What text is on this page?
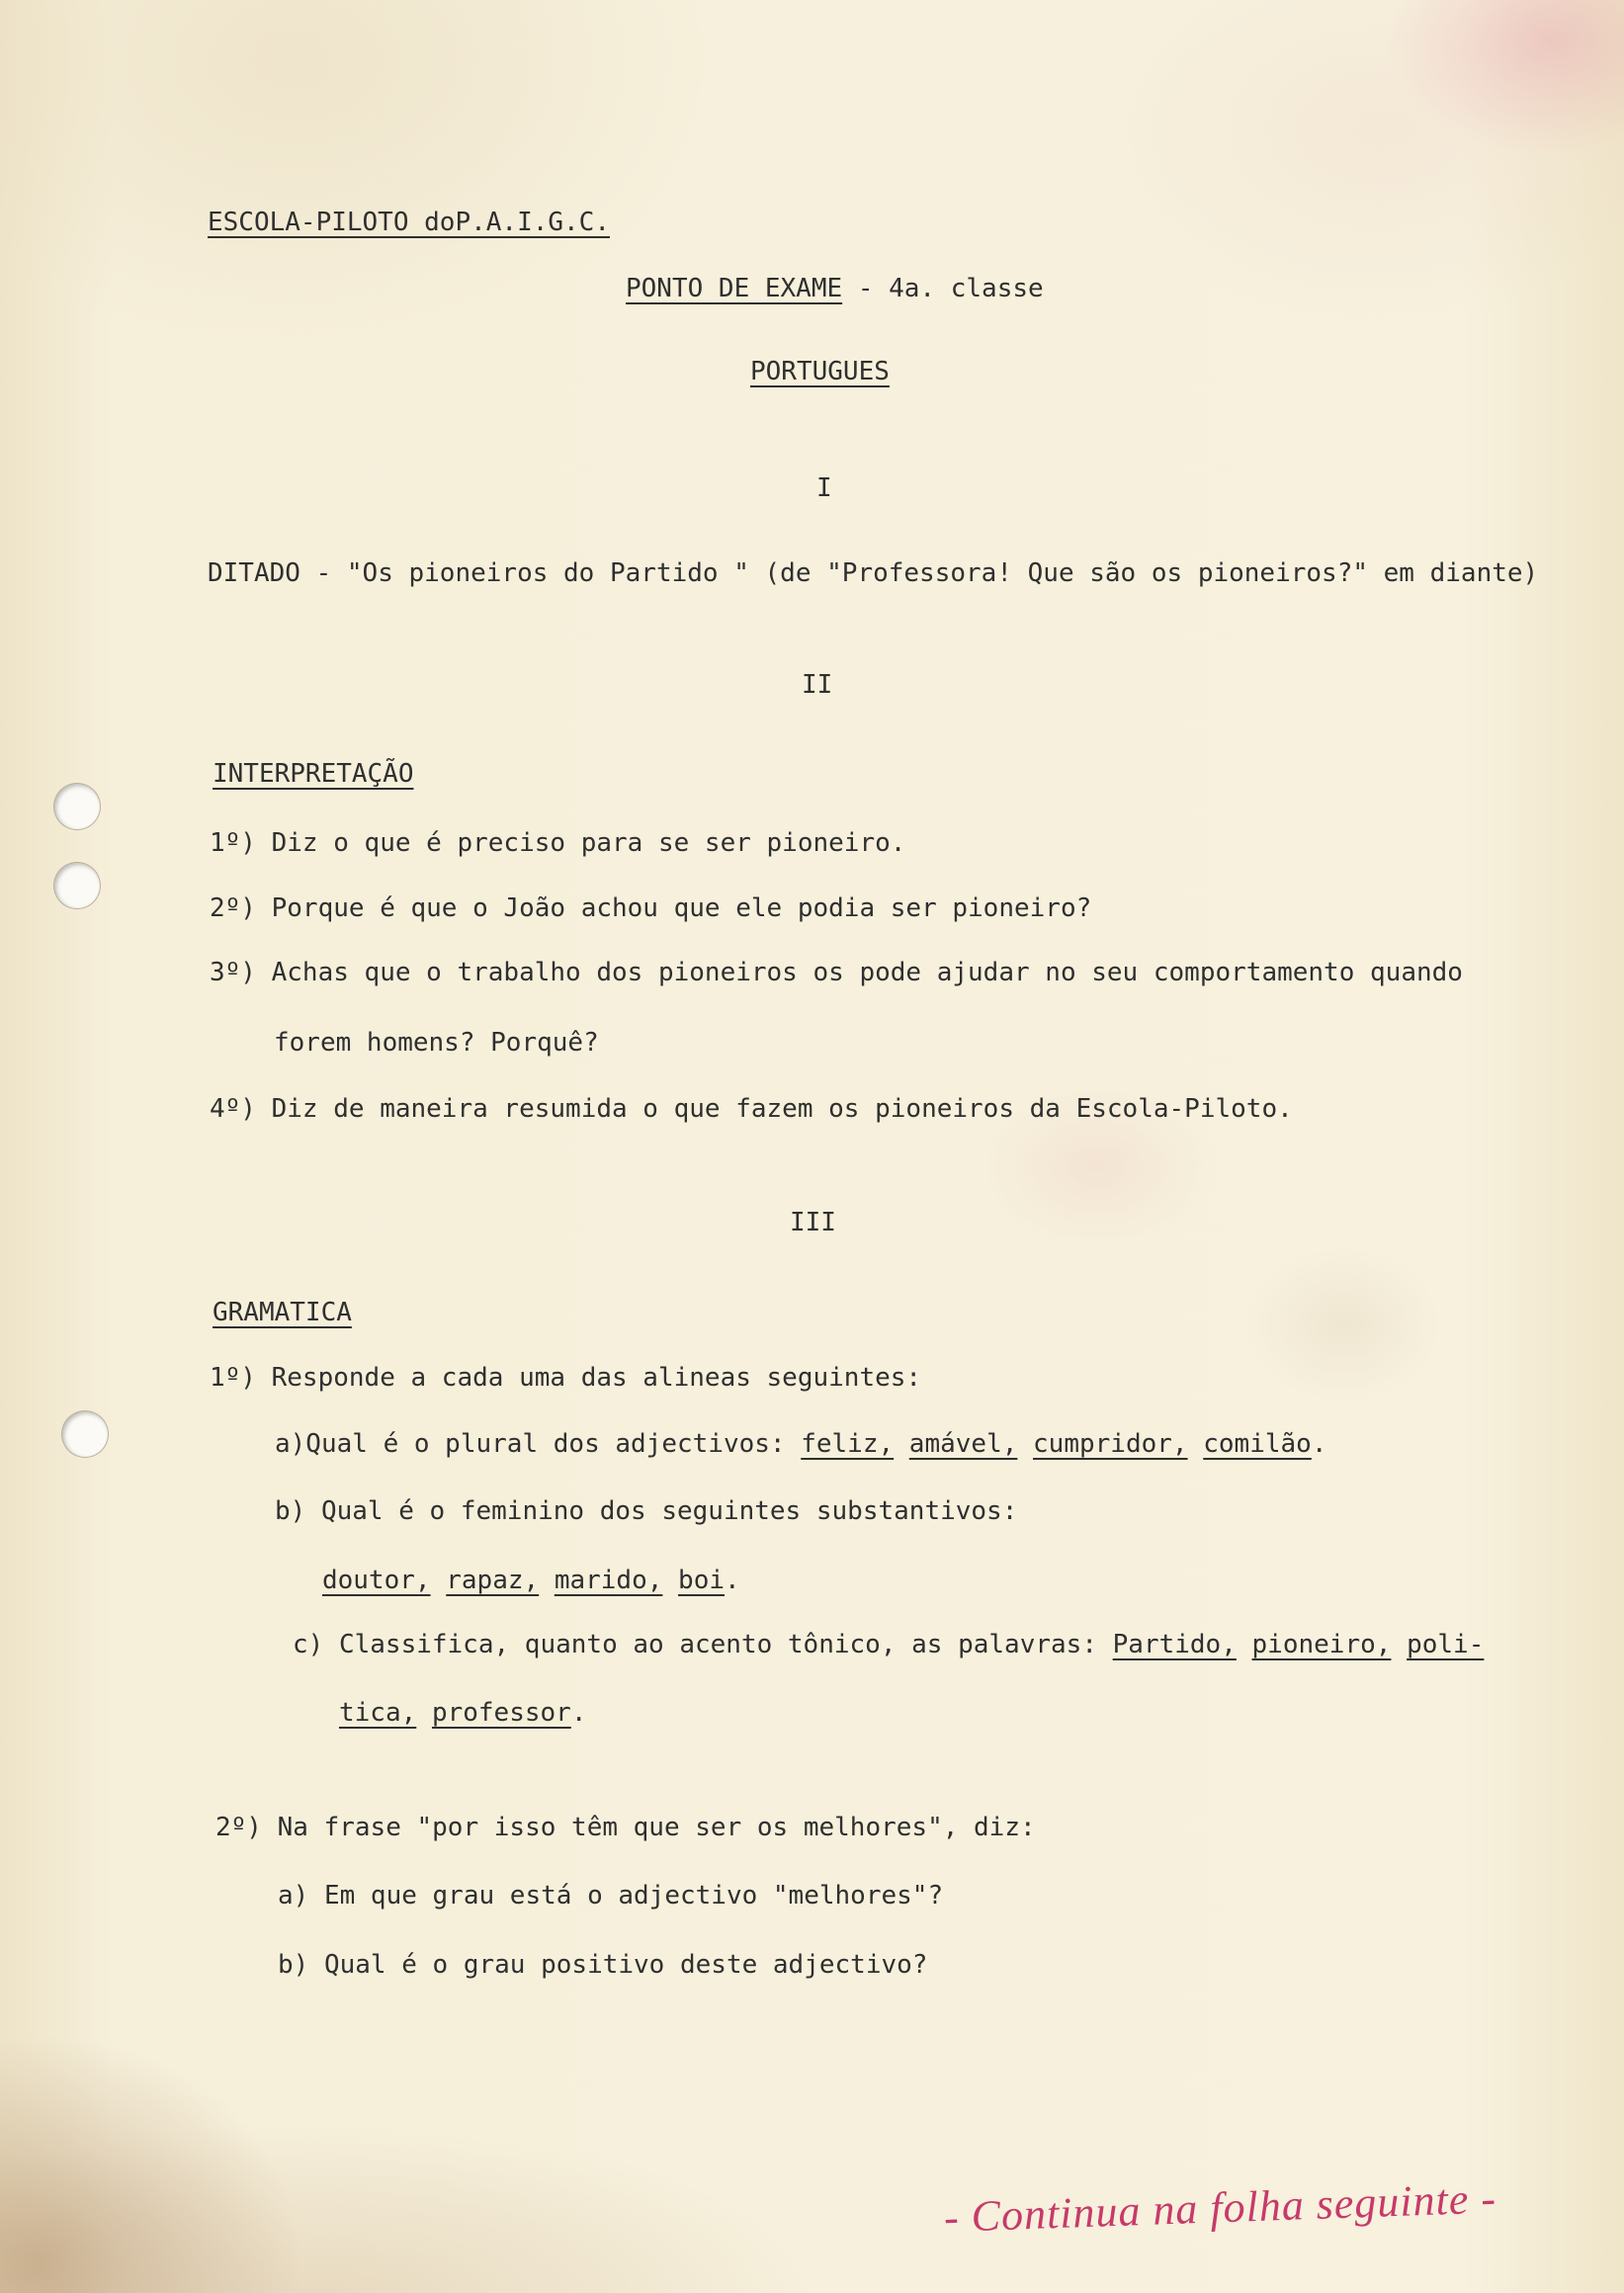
ESCOLA-PILOTO doP.A.I.G.C.
PONTO DE EXAME - 4a. classe
PORTUGUES
I
DITADO - "Os pioneiros do Partido " (de "Professora! Que são os pioneiros?" em diante)
II
INTERPRETAÇÃO
1º) Diz o que é preciso para se ser pioneiro.
2º) Porque é que o João achou que ele podia ser pioneiro?
3º) Achas que o trabalho dos pioneiros os pode ajudar no seu comportamento quando
forem homens? Porquê?
4º) Diz de maneira resumida o que fazem os pioneiros da Escola-Piloto.
III
GRAMATICA
1º) Responde a cada uma das alineas seguintes:
a)Qual é o plural dos adjectivos: feliz, amável, cumpridor, comilão.
b) Qual é o feminino dos seguintes substantivos:
doutor, rapaz, marido, boi.
c) Classifica, quanto ao acento tônico, as palavras: Partido, pioneiro, poli-
tica, professor.
2º) Na frase "por isso têm que ser os melhores", diz:
a) Em que grau está o adjectivo "melhores"?
b) Qual é o grau positivo deste adjectivo?
- Continua na folha seguinte -
